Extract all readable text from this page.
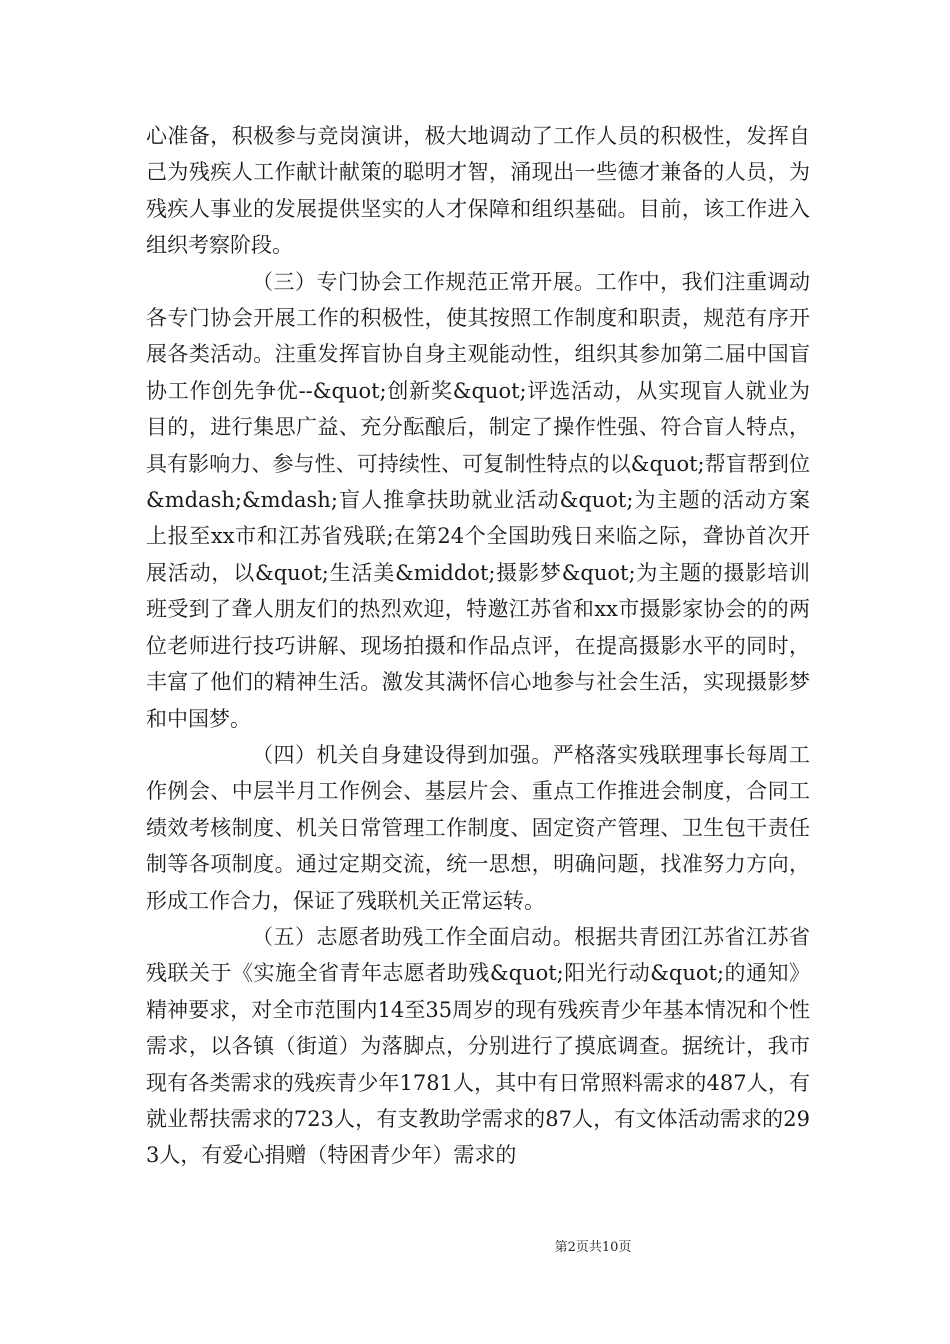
心准备，积极参与竞岗演讲，极大地调动了工作人员的积极性，发挥自己为残疾人工作献计献策的聪明才智，涌现出一些德才兼备的人员，为残疾人事业的发展提供坚实的人才保障和组织基础。目前，该工作进入组织考察阶段。

（三）专门协会工作规范正常开展。工作中，我们注重调动各专门协会开展工作的积极性，使其按照工作制度和职责，规范有序开展各类活动。注重发挥盲协自身主观能动性，组织其参加第二届中国盲协工作创先争优--&quot;创新奖&quot;评选活动，从实现盲人就业为目的，进行集思广益、充分酝酿后，制定了操作性强、符合盲人特点，具有影响力、参与性、可持续性、可复制性特点的以&quot;帮盲帮到位&mdash;&mdash;盲人推拿扶助就业活动&quot;为主题的活动方案上报至xx市和江苏省残联;在第24个全国助残日来临之际，聋协首次开展活动，以&quot;生活美&middot;摄影梦&quot;为主题的摄影培训班受到了聋人朋友们的热烈欢迎，特邀江苏省和xx市摄影家协会的的两位老师进行技巧讲解、现场拍摄和作品点评，在提高摄影水平的同时，丰富了他们的精神生活。激发其满怀信心地参与社会生活，实现摄影梦和中国梦。

（四）机关自身建设得到加强。严格落实残联理事长每周工作例会、中层半月工作例会、基层片会、重点工作推进会制度，合同工绩效考核制度、机关日常管理工作制度、固定资产管理、卫生包干责任制等各项制度。通过定期交流，统一思想，明确问题，找准努力方向，形成工作合力，保证了残联机关正常运转。

（五）志愿者助残工作全面启动。根据共青团江苏省江苏省残联关于《实施全省青年志愿者助残&quot;阳光行动&quot;的通知》精神要求，对全市范围内14至35周岁的现有残疾青少年基本情况和个性需求，以各镇（街道）为落脚点，分别进行了摸底调查。据统计，我市现有各类需求的残疾青少年1781人，其中有日常照料需求的487人，有就业帮扶需求的723人，有支教助学需求的87人，有文体活动需求的293人，有爱心捐赠（特困青少年）需求的

第2页共10页
